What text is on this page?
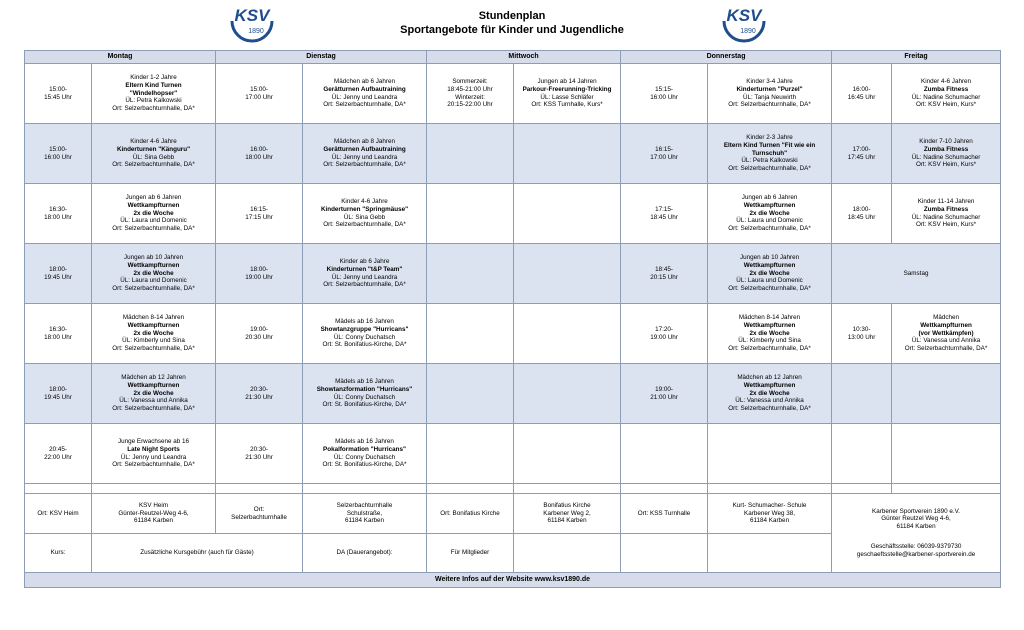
KSV
1890
KSV
1890
Stundenplan
Sportangebote für Kinder und Jugendliche
Montag		Dienstag		Mittwoch		Donnerstag		Freitag	

15:00-
15:45 Uhr	Kinder 1-2 Jahre
Eltern Kind Turnen
"Windelhopser"
ÜL: Petra Kalkowski
Ort: Selzerbachturnhalle, DA*	15:00-
17:00 Uhr	Mädchen ab 6 Jahren
Gerätturnen Aufbautraining
ÜL: Jenny und Leandra
Ort: Selzerbachturnhalle, DA*	Sommerzeit:
18:45-21:00 Uhr
Winterzeit:
20:15-22:00 Uhr	Jungen ab 14 Jahren
Parkour-Freerunning-Tricking
ÜL: Lasse Schläfer
Ort: KSS Turnhalle, Kurs*	15:15-
16:00 Uhr	Kinder 3-4 Jahre
Kinderturnen "Purzel"
ÜL: Tanja Neuwirth
Ort: Selzerbachturnhalle, DA*	16:00-
16:45 Uhr	Kinder 4-6 Jahren
Zumba Fitness
ÜL: Nadine Schumacher
Ort: KSV Heim, Kurs*

15:00-
16:00 Uhr	Kinder 4-6 Jahre
Kinderturnen "Känguru"
ÜL: Sina Gebb
Ort: Selzerbachturnhalle, DA*	16:00-
18:00 Uhr	Mädchen ab 8 Jahren
Gerätturnen Aufbautraining
ÜL: Jenny und Leandra
Ort: Selzerbachturnhalle, DA*			16:15-
17:00 Uhr	Kinder 2-3 Jahre
Eltern Kind Turnen "Fit wie ein
Turnschuh"
ÜL: Petra Kalkowski
Ort: Selzerbachturnhalle, DA*	17:00-
17:45 Uhr	Kinder 7-10 Jahren
Zumba Fitness
ÜL: Nadine Schumacher
Ort: KSV Heim, Kurs*

16:30-
18:00 Uhr	Jungen ab 6 Jahren
Wettkampfturnen
2x die Woche
ÜL: Laura und Domenic
Ort: Selzerbachturnhalle, DA*	16:15-
17:15 Uhr	Kinder 4-6 Jahre
Kinderturnen "Springmäuse"
ÜL: Sina Gebb
Ort: Selzerbachturnhalle, DA*			17:15-
18:45 Uhr	Jungen ab 6 Jahren
Wettkampfturnen
2x die Woche
ÜL: Laura und Domenic
Ort: Selzerbachturnhalle, DA*	18:00-
18:45 Uhr	Kinder 11-14 Jahren
Zumba Fitness
ÜL: Nadine Schumacher
Ort: KSV Heim, Kurs*

18:00-
19:45 Uhr	Jungen ab 10 Jahren
Wettkampfturnen
2x die Woche
ÜL: Laura und Domenic
Ort: Selzerbachturnhalle, DA*	18:00-
19:00 Uhr	Kinder ab 6 Jahre
Kinderturnen "t&P Team"
ÜL: Jenny und Leandra
Ort: Selzerbachturnhalle, DA*			18:45-
20:15 Uhr	Jungen ab 10 Jahren
Wettkampfturnen
2x die Woche
ÜL: Laura und Domenic
Ort: Selzerbachturnhalle, DA*	Samstag	

16:30-
18:00 Uhr	Mädchen 8-14 Jahren
Wettkampfturnen
2x die Woche
ÜL: Kimberly und Sina
Ort: Selzerbachturnhalle, DA*	19:00-
20:30 Uhr	Mädels ab 16 Jahren
Showtanzgruppe "Hurricans"
ÜL: Conny Duchatsch
Ort: St. Bonifatius-Kirche, DA*			17:20-
19:00 Uhr	Mädchen 8-14 Jahren
Wettkampfturnen
2x die Woche
ÜL: Kimberly und Sina
Ort: Selzerbachturnhalle, DA*	10:30-
13:00 Uhr	Mädchen
Wettkampfturnen
(vor Wettkämpfen)
ÜL: Vanessa und Annika
Ort: Selzerbachturnhalle, DA*

18:00-
19:45 Uhr	Mädchen ab 12 Jahren
Wettkampfturnen
2x die Woche
ÜL: Vanessa und Annika
Ort: Selzerbachturnhalle, DA*	20:30-
21:30 Uhr	Mädels ab 16 Jahren
Showtanzformation "Hurricans"
ÜL: Conny Duchatsch
Ort: St. Bonifatius-Kirche, DA*			19:00-
21:00 Uhr	Mädchen ab 12 Jahren
Wettkampfturnen
2x die Woche
ÜL: Vanessa und Annika
Ort: Selzerbachturnhalle, DA*		

20:45-
22:00 Uhr	Junge Erwachsene ab 16
Late Night Sports
ÜL: Jenny und Leandra
Ort: Selzerbachturnhalle, DA*	20:30-
21:30 Uhr	Mädels ab 16 Jahren
Pokalformation "Hurricans"
ÜL: Conny Duchatsch
Ort: St. Bonifatius-Kirche, DA*						

Ort: KSV Heim	KSV Heim
Günter-Reutzel-Weg 4-6,
61184 Karben	Ort:
Selzerbachturnhalle	Selzerbachturnhalle
Schulstraße,
61184 Karben	Ort: Bonifatius Kirche	Bonifatius Kirche
Karbener Weg 2,
61184 Karben	Ort: KSS Turnhalle	Kurt- Schumacher- Schule
Karbener Weg 38,
61184 Karben	Karbener Sportverein 1890 e.V.
Günter Reutzel Weg 4-6,
61184 Karben
Geschäftsstelle: 06039-9379730
geschaeftsstelle@karbener-sportverein.de	

Kurs:	Zusätzliche Kursgebühr (auch für Gäste)		DA (Dauerangebot):	Für Mitglieder					
Weitere Infos auf der Website www.ksv1890.de									
